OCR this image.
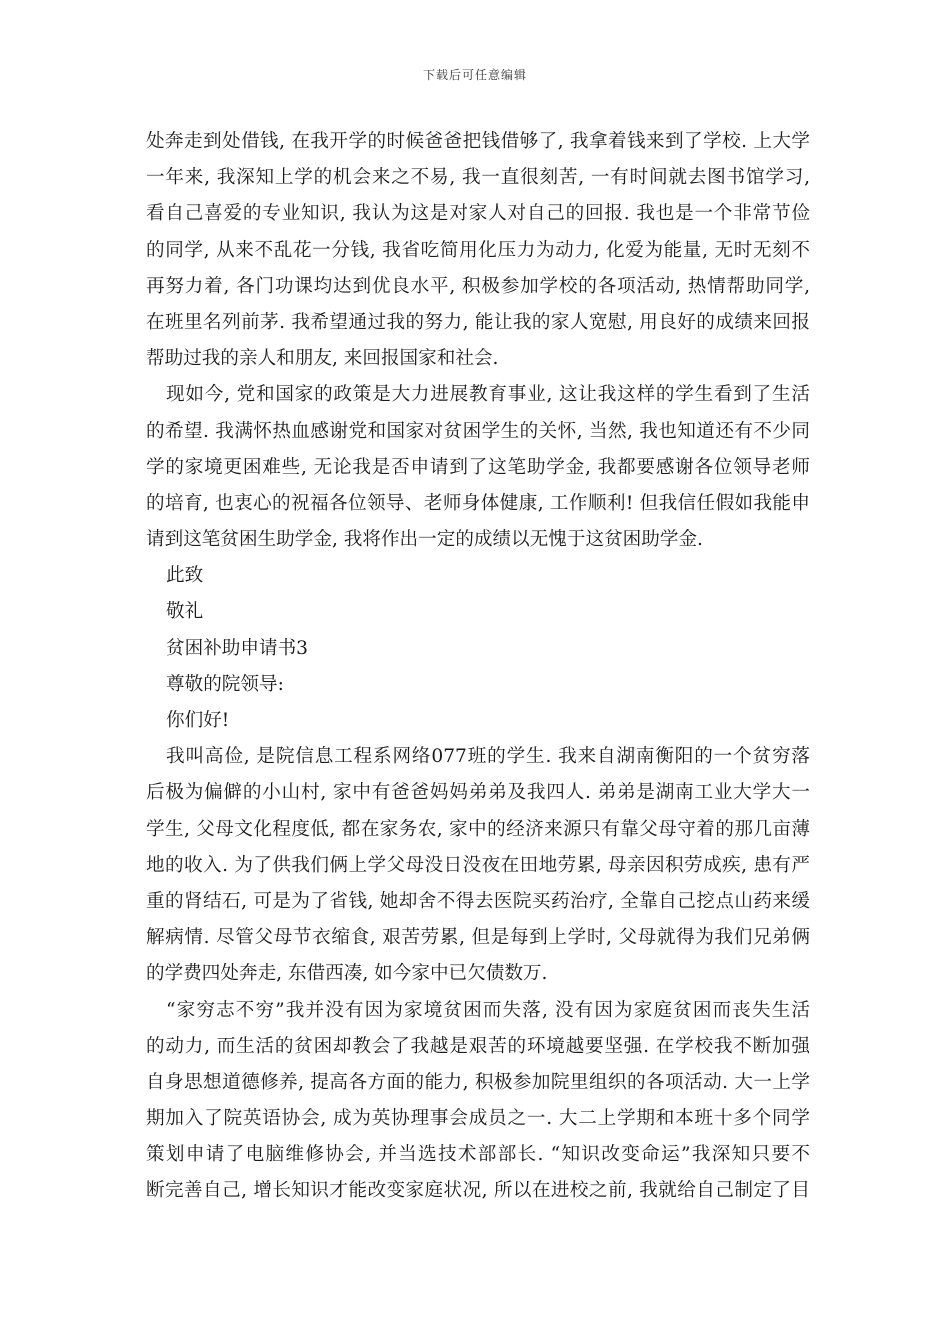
下载后可任意编辑
处奔走到处借钱, 在我开学的时候爸爸把钱借够了, 我拿着钱来到了学校. 上大学
一年来, 我深知上学的机会来之不易, 我一直很刻苦, 一有时间就去图书馆学习,
看自己喜爱的专业知识, 我认为这是对家人对自己的回报. 我也是一个非常节俭
的同学, 从来不乱花一分钱, 我省吃简用化压力为动力, 化爱为能量, 无时无刻不
再努力着, 各门功课均达到优良水平, 积极参加学校的各项活动, 热情帮助同学,
在班里名列前茅. 我希望通过我的努力, 能让我的家人宽慰, 用良好的成绩来回报
帮助过我的亲人和朋友, 来回报国家和社会.
现如今, 党和国家的政策是大力进展教育事业, 这让我这样的学生看到了生活
的希望. 我满怀热血感谢党和国家对贫困学生的关怀, 当然, 我也知道还有不少同
学的家境更困难些, 无论我是否申请到了这笔助学金, 我都要感谢各位领导老师
的培育, 也衷心的祝福各位领导、老师身体健康, 工作顺利! 但我信任假如我能申
请到这笔贫困生助学金, 我将作出一定的成绩以无愧于这贫困助学金.
此致
敬礼
贫困补助申请书3
尊敬的院领导:
你们好!
我叫高俭, 是院信息工程系网络077班的学生. 我来自湖南衡阳的一个贫穷落
后极为偏僻的小山村, 家中有爸爸妈妈弟弟及我四人. 弟弟是湖南工业大学大一
学生, 父母文化程度低, 都在家务农, 家中的经济来源只有靠父母守着的那几亩薄
地的收入. 为了供我们俩上学父母没日没夜在田地劳累, 母亲因积劳成疾, 患有严
重的肾结石, 可是为了省钱, 她却舍不得去医院买药治疗, 全靠自己挖点山药来缓
解病情. 尽管父母节衣缩食, 艰苦劳累, 但是每到上学时, 父母就得为我们兄弟俩
的学费四处奔走, 东借西凑, 如今家中已欠债数万.
“家穷志不穷”我并没有因为家境贫困而失落, 没有因为家庭贫困而丧失生活
的动力, 而生活的贫困却教会了我越是艰苦的环境越要坚强. 在学校我不断加强
自身思想道德修养, 提高各方面的能力, 积极参加院里组织的各项活动. 大一上学
期加入了院英语协会, 成为英协理事会成员之一. 大二上学期和本班十多个同学
策划申请了电脑维修协会, 并当选技术部部长. “知识改变命运”我深知只要不
断完善自己, 增长知识才能改变家庭状况, 所以在进校之前, 我就给自己制定了目
